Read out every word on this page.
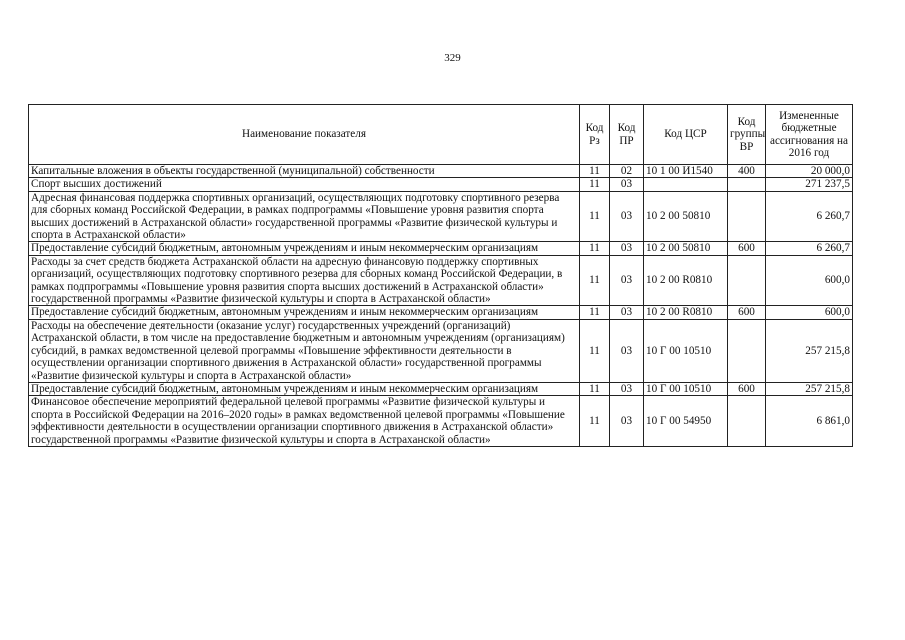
329
Наименование показателя	Код Рз	Код ПР	Код ЦСР	Код группы ВР	Измененные бюджетные ассигнования на 2016 год
Капитальные вложения в объекты государственной (муниципальной) собственности	11	02	10 1 00 И1540	400	20 000,0
Спорт высших достижений	11	03			271 237,5
Адресная финансовая поддержка спортивных организаций, осуществляющих подготовку спортивного резерва для сборных команд Российской Федерации, в рамках подпрограммы «Повышение уровня развития спорта высших достижений в Астраханской области» государственной программы «Развитие физической культуры и спорта в Астраханской области»	11	03	10 2 00 50810		6 260,7
Предоставление субсидий бюджетным, автономным учреждениям и иным некоммерческим организациям	11	03	10 2 00 50810	600	6 260,7
Расходы за счет средств бюджета Астраханской области на адресную финансовую поддержку спортивных организаций, осуществляющих подготовку спортивного резерва для сборных команд Российской Федерации, в рамках подпрограммы «Повышение уровня развития спорта высших достижений в Астраханской области» государственной программы «Развитие физической культуры и спорта в Астраханской области»	11	03	10 2 00 R0810		600,0
Предоставление субсидий бюджетным, автономным учреждениям и иным некоммерческим организациям	11	03	10 2 00 R0810	600	600,0
Расходы на обеспечение деятельности (оказание услуг) государственных учреждений (организаций) Астраханской области, в том числе на предоставление бюджетным и автономным учреждениям (организациям) субсидий, в рамках ведомственной целевой программы «Повышение эффективности деятельности в осуществлении организации спортивного движения в Астраханской области» государственной программы «Развитие физической культуры и спорта в Астраханской области»	11	03	10 Г 00 10510		257 215,8
Предоставление субсидий бюджетным, автономным учреждениям и иным некоммерческим организациям	11	03	10 Г 00 10510	600	257 215,8
Финансовое обеспечение мероприятий федеральной целевой программы «Развитие физической культуры и спорта в Российской Федерации на 2016–2020 годы» в рамках ведомственной целевой программы «Повышение эффективности деятельности в осуществлении организации спортивного движения в Астраханской области» государственной программы «Развитие физической культуры и спорта в Астраханской области»	11	03	10 Г 00 54950		6 861,0
